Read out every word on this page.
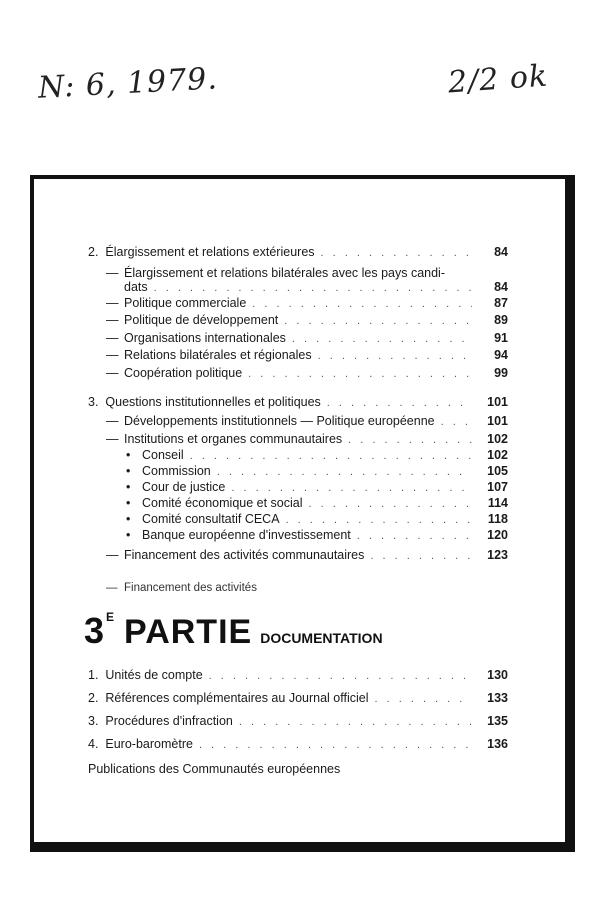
N: 6, 1979.	2/2 ok
2. Élargissement et relations extérieures . . .	84
— Élargissement et relations bilatérales avec les pays candi-
dats . . .	84
— Politique commerciale . . .	87
— Politique de développement . . .	89
— Organisations internationales . . .	91
— Relations bilatérales et régionales . . .	94
— Coopération politique . . .	99
3. Questions institutionnelles et politiques . . .	101
— Développements institutionnels — Politique européenne . . .	101
— Institutions et organes communautaires . . .	102
• Conseil . . .	102
• Commission . . .	105
• Cour de justice . . .	107
• Comité économique et social . . .	114
• Comité consultatif CECA . . .	118
• Banque européenne d'investissement . . .	120
— Financement des activités communautaires . . .	123
— Financement des activités
3 $^E$ PARTIE DOCUMENTATION
1. Unités de compte . . .	130
2. Références complémentaires au Journal officiel . . .	133
3. Procédures d'infraction . . .	135
4. Euro-baromètre . . .	136
Publications des Communautés européennes
